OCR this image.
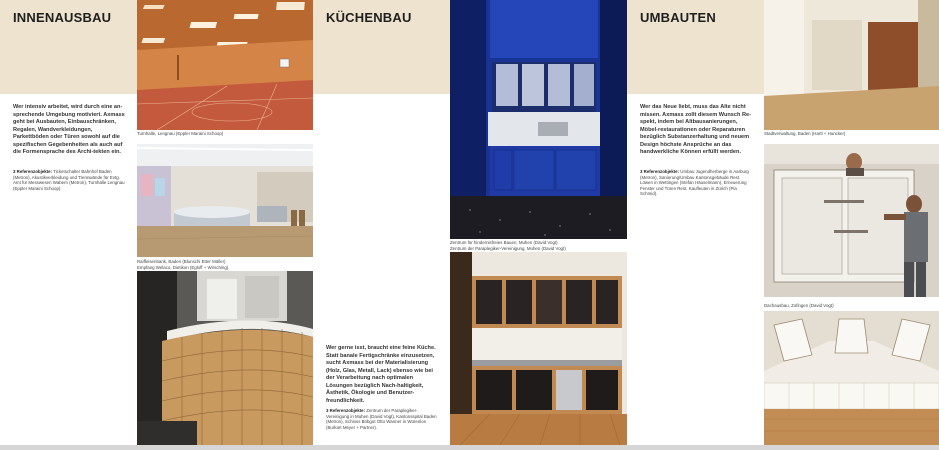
INNENAUSBAU	KÜCHENBAU	UMBAUTEN
Wer intensiv arbeitet, wird durch eine an-sprechende Umgebung motiviert. Axmass geht bei Ausbauten, Einbauschränken, Regalen, Wandverkleidungen, Parkettböden oder Türen sowohl auf die spezifischen Gegebenheiten als auch auf die Formensprache des Archi-tekten ein.
3 Referenzobjekte: Ticketschalter Bahnhof Baden (Metron), Akustikverkleidung und Trennwände für Evtg. Amt für Messwesen Wabern (Metron), Turnhalle Lengnau (Eppler Maraini Schoop).
Wer gerne isst, braucht eine feine Küche. Statt banale Fertigschränke einzusetzen, sucht Axmass bei der Materialisierung (Holz, Glas, Metall, Lack) ebenso wie bei der Verarbeitung nach optimalen Lösungen bezüglich Nach-haltigkeit, Ästhetik, Ökologie und Benutzer-freundlichkeit.
3 Referenzobjekte: Zentrum der Paraplegiker-Vereinigung in Muhen (David Vogt), Kantonsspital Baden (Metron), Schloss Böbgut Otto Wanner in Würenlos (Burkart Meyer + Partner).
Wer das Neue liebt, muss das Alte nicht missen. Axmass zollt diesem Wunsch Re-spekt, indem bei Altbausanierungen, Möbel-restaurationen oder Reparaturen bezüglich Substanzerhaltung und neuem Design höchste Ansprüche an das handwerkliche Können erfüllt werden.
3 Referenzobjekte: Umbau Jugendherberge in Aarburg (Metron), Sanierung/Umbau Kantonsgebäude Rest. Löwen in Wettingen (Stefan Häuselmann), Erneuerung Fenster und Türen Rest. Kaufleuten in Zürich (Pia Schmid).
Turnhalle, Lengnau (Eppler Maraini Schoop)
Raiffeisenbank, Baden (Blunschi Etter Müller)
Empfang Welaco, Dietikon (Egloff + Wirsching)
Zentrum für hindernisfreies Bauen, Muhen (David Vogt)
Zentrum der Paraplegiker-Vereinigung, Muhen (David Vogt)
Stadtverwaltung, Baden (Hartl + Huncker)
Dachausbau, Zofingen (David Vogt)
